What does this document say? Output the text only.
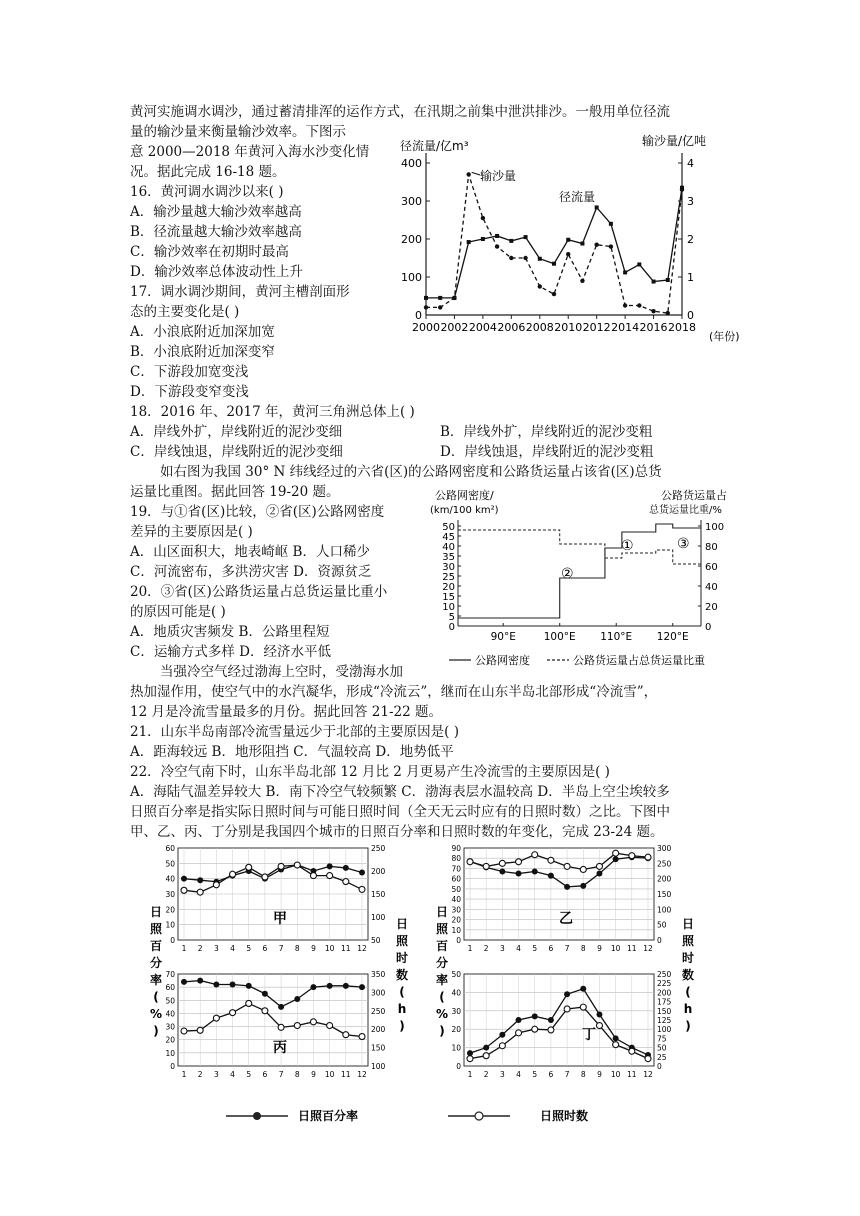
黄河实施调水调沙，通过蓄清排浑的运作方式，在汛期之前集中泄洪排沙。一般用单位径流
量的输沙量来衡量输沙效率。下图示
意 2000—2018 年黄河入海水沙变化情
况。据此完成 16-18 题。
16．黄河调水调沙以来( )
A．输沙量越大输沙效率越高
B．径流量越大输沙效率越高
C．输沙效率在初期时最高
D．输沙效率总体波动性上升
17．调水调沙期间，黄河主槽剖面形
态的主要变化是( )
A．小浪底附近加深加宽
B．小浪底附近加深变窄
C．下游段加宽变浅
D．下游段变窄变浅
18．2016 年、2017 年，黄河三角洲总体上( )
A．岸线外扩，岸线附近的泥沙变细	B．岸线外扩，岸线附近的泥沙变粗
C．岸线蚀退，岸线附近的泥沙变细	D．岸线蚀退，岸线附近的泥沙变粗
如右图为我国 30° N 纬线经过的六省(区)的公路网密度和公路货运量占该省(区)总货
运量比重图。据此回答 19-20 题。
19．与①省(区)比较，②省(区)公路网密度
差异的主要原因是( )
A．山区面积大，地表崎岖 B．人口稀少
C．河流密布，多洪涝灾害 D．资源贫乏
20．③省(区)公路货运量占总货运量比重小
的原因可能是( )
A．地质灾害频发 B．公路里程短
C．运输方式多样 D．经济水平低
当强冷空气经过渤海上空时，受渤海水加
热加湿作用，使空气中的水汽凝华，形成“冷流云”，继而在山东半岛北部形成“冷流雪”，
12 月是冷流雪量最多的月份。据此回答 21-22 题。
21．山东半岛南部冷流雪量远少于北部的主要原因是( )
A．距海较远 B．地形阻挡 C．气温较高 D．地势低平
22．冷空气南下时，山东半岛北部 12 月比 2 月更易产生冷流雪的主要原因是( )
A．海陆气温差异较大 B．南下冷空气较频繁 C．渤海表层水温较高 D．半岛上空尘埃较多
日照百分率是指实际日照时间与可能日照时间（全天无云时应有的日照时数）之比。下图中
甲、乙、丙、丁分别是我国四个城市的日照百分率和日照时数的年变化，完成 23-24 题。
径流量/亿m³	输沙量/亿吨
(年份)
输沙量
径流量
0
100
200
300
400
0
1
2
3
4
2000 2002 2004 2006 2008 2010 2012 2014 2016 2018
公路网密度/
(km/100 km²)
公路货运量占
总货运量比重/%
①
②
③
公路网密度	公路货运量占总货运量比重
0
5
10
15
20
25
30
35
40
45
50
0
20
40
60
80
100
90°E	100°E 110°E 120°E
0
10
20
30
40
50
60
50
100
150
200
250
1 2 3 4 5 6 7 8 9 10 11 12
甲
0
10
20
30
40
50
60
70
80
90
0
50
100
150
200
250
300
1 2 3 4 5 6 7 8 9 10 11 12
乙
0
10
20
30
40
50
60
70
100
150
200
250
300
350
1 2 3 4 5 6 7 8 9 10 11 12
丙
0
10
20
30
40
50
0
25
50
75
100
125
150
175
200
225
250
1 2 3 4 5 6 7 8 9 10 11 12
丁
日
照
百
分
率
(
%
)
日
照
百
分
率
(
%
)
日
照
时
数
(
h
)
日
照
时
数
(
h
)
日照百分率	日照时数
